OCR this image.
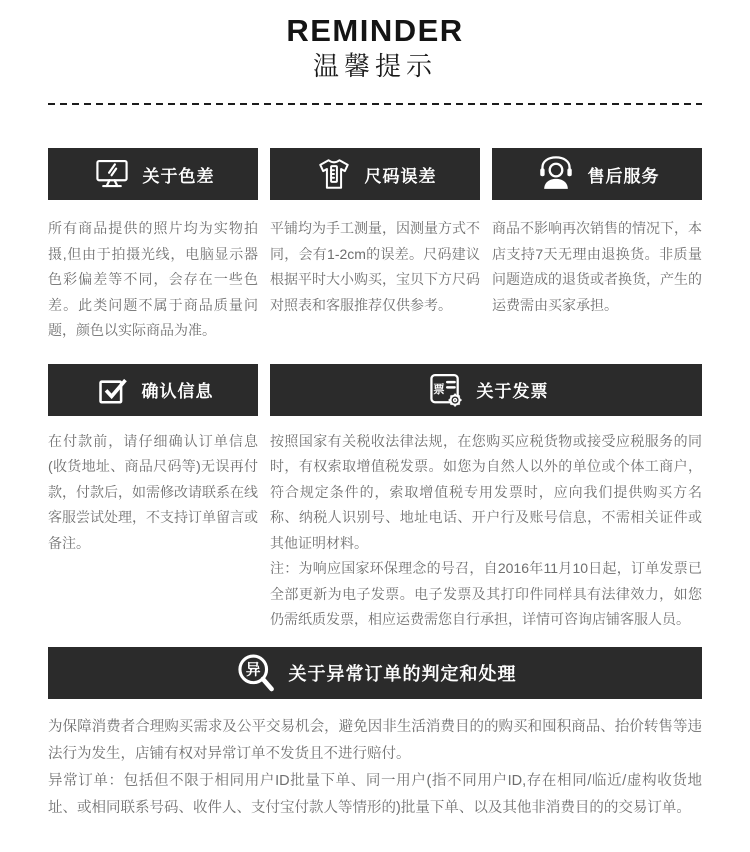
REMINDER
温馨提示
关于色差	尺码误差	售后服务

所有商品提供的照片均为实物拍摄,但由于拍摄光线，电脑显示器色彩偏差等不同，会存在一些色差。此类问题不属于商品质量问题，颜色以实际商品为准。

平铺均为手工测量，因测量方式不同，会有1-2cm的误差。尺码建议根据平时大小购买，宝贝下方尺码对照表和客服推荐仅供参考。

商品不影响再次销售的情况下，本店支持7天无理由退换货。非质量问题造成的退货或者换货，产生的运费需由买家承担。

确认信息	票 关于发票

在付款前，请仔细确认订单信息(收货地址、商品尺码等)无误再付款，付款后，如需修改请联系在线客服尝试处理，不支持订单留言或备注。

按照国家有关税收法律法规，在您购买应税货物或接受应税服务的同时，有权索取增值税发票。如您为自然人以外的单位或个体工商户，符合规定条件的，索取增值税专用发票时，应向我们提供购买方名称、纳税人识别号、地址电话、开户行及账号信息，不需相关证件或其他证明材料。

注：为响应国家环保理念的号召，自2016年11月10日起，订单发票已全部更新为电子发票。电子发票及其打印件同样具有法律效力，如您仍需纸质发票，相应运费需您自行承担，详情可咨询店铺客服人员。

异 关于异常订单的判定和处理

为保障消费者合理购买需求及公平交易机会，避免因非生活消费目的的购买和囤积商品、抬价转售等违法行为发生，店铺有权对异常订单不发货且不进行赔付。

异常订单：包括但不限于相同用户ID批量下单、同一用户(指不同用户ID,存在相同/临近/虚构收货地址、或相同联系号码、收件人、支付宝付款人等情形的)批量下单、以及其他非消费目的的交易订单。
